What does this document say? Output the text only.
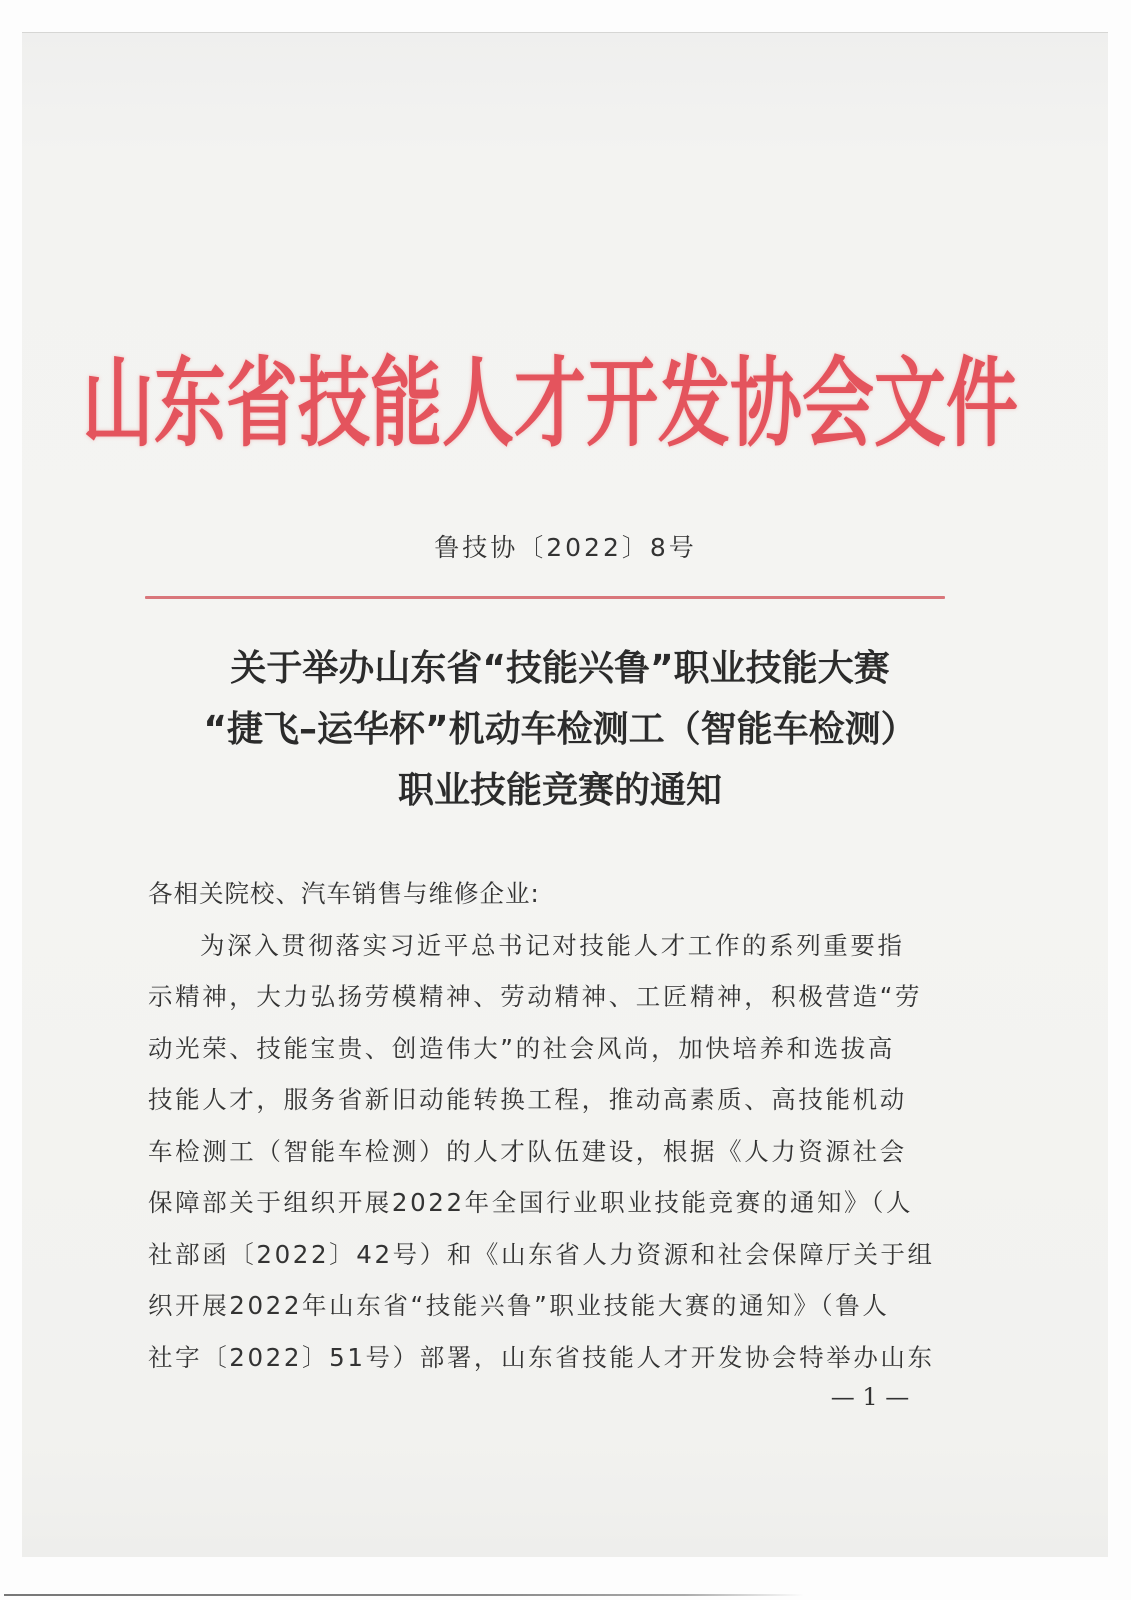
山东省技能人才开发协会文件
鲁技协〔2022〕8号
关于举办山东省“技能兴鲁”职业技能大赛
“捷飞–运华杯”机动车检测工（智能车检测）
职业技能竞赛的通知
各相关院校、汽车销售与维修企业:
为深入贯彻落实习近平总书记对技能人才工作的系列重要指
示精神，大力弘扬劳模精神、劳动精神、工匠精神，积极营造“劳
动光荣、技能宝贵、创造伟大”的社会风尚，加快培养和选拔高
技能人才，服务省新旧动能转换工程，推动高素质、高技能机动
车检测工（智能车检测）的人才队伍建设，根据《人力资源社会
保障部关于组织开展2022年全国行业职业技能竞赛的通知》（人
社部函〔2022〕42号）和《山东省人力资源和社会保障厅关于组
织开展2022年山东省“技能兴鲁”职业技能大赛的通知》（鲁人
社字〔2022〕51号）部署，山东省技能人才开发协会特举办山东
— 1 —
